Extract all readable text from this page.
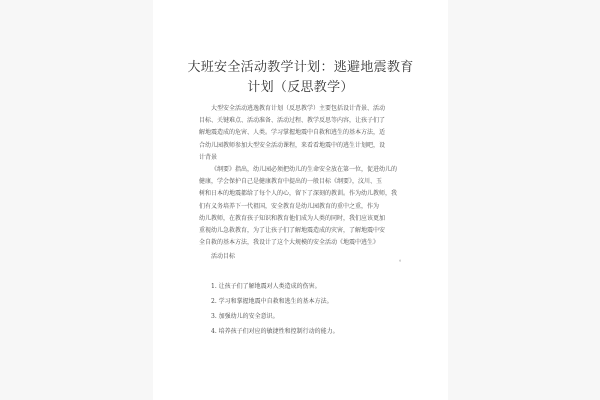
大班安全活动教学计划：逃避地震教育
计划（反思教学）
大型安全活动逃逸教育计划（反思教学）主要包括设计背景、活动
目标、关键难点、活动准备、活动过程、教学反思等内容，让孩子们了
解地震造成的危害、人类。学习掌握地震中自救和逃生的基本方法，适
合幼儿园教师参加大型安全活动课程，来看看地震中的逃生计划吧，设
计背景
《纲要》指出，幼儿园必须把幼儿的生命安全放在第一位，促进幼儿的
健康，学会保护自己是健康教育中提出的一般目标《纲要》，汶川、玉
树和日本的地震都给了每个人的心，留下了深刻的教训。作为幼儿教师，我
们有义务培养下一代祖国，安全教育是幼儿园教育的重中之重，作为
幼儿教师，在教育孩子知识和教育他们成为人类的同时，我们应该更加
重视幼儿急救教育，为了让孩子们了解地震造成的灾害，了解地震中安
全自救的基本方法，我设计了这个大规模的安全活动《地震中逃生》
活动目标	。
1. 让孩子们了解地震对人类造成的伤害。
2. 学习和掌握地震中自救和逃生的基本方法。
3. 加强幼儿的安全意识。
4. 培养孩子们对应的敏捷性和控制行动的能力。
